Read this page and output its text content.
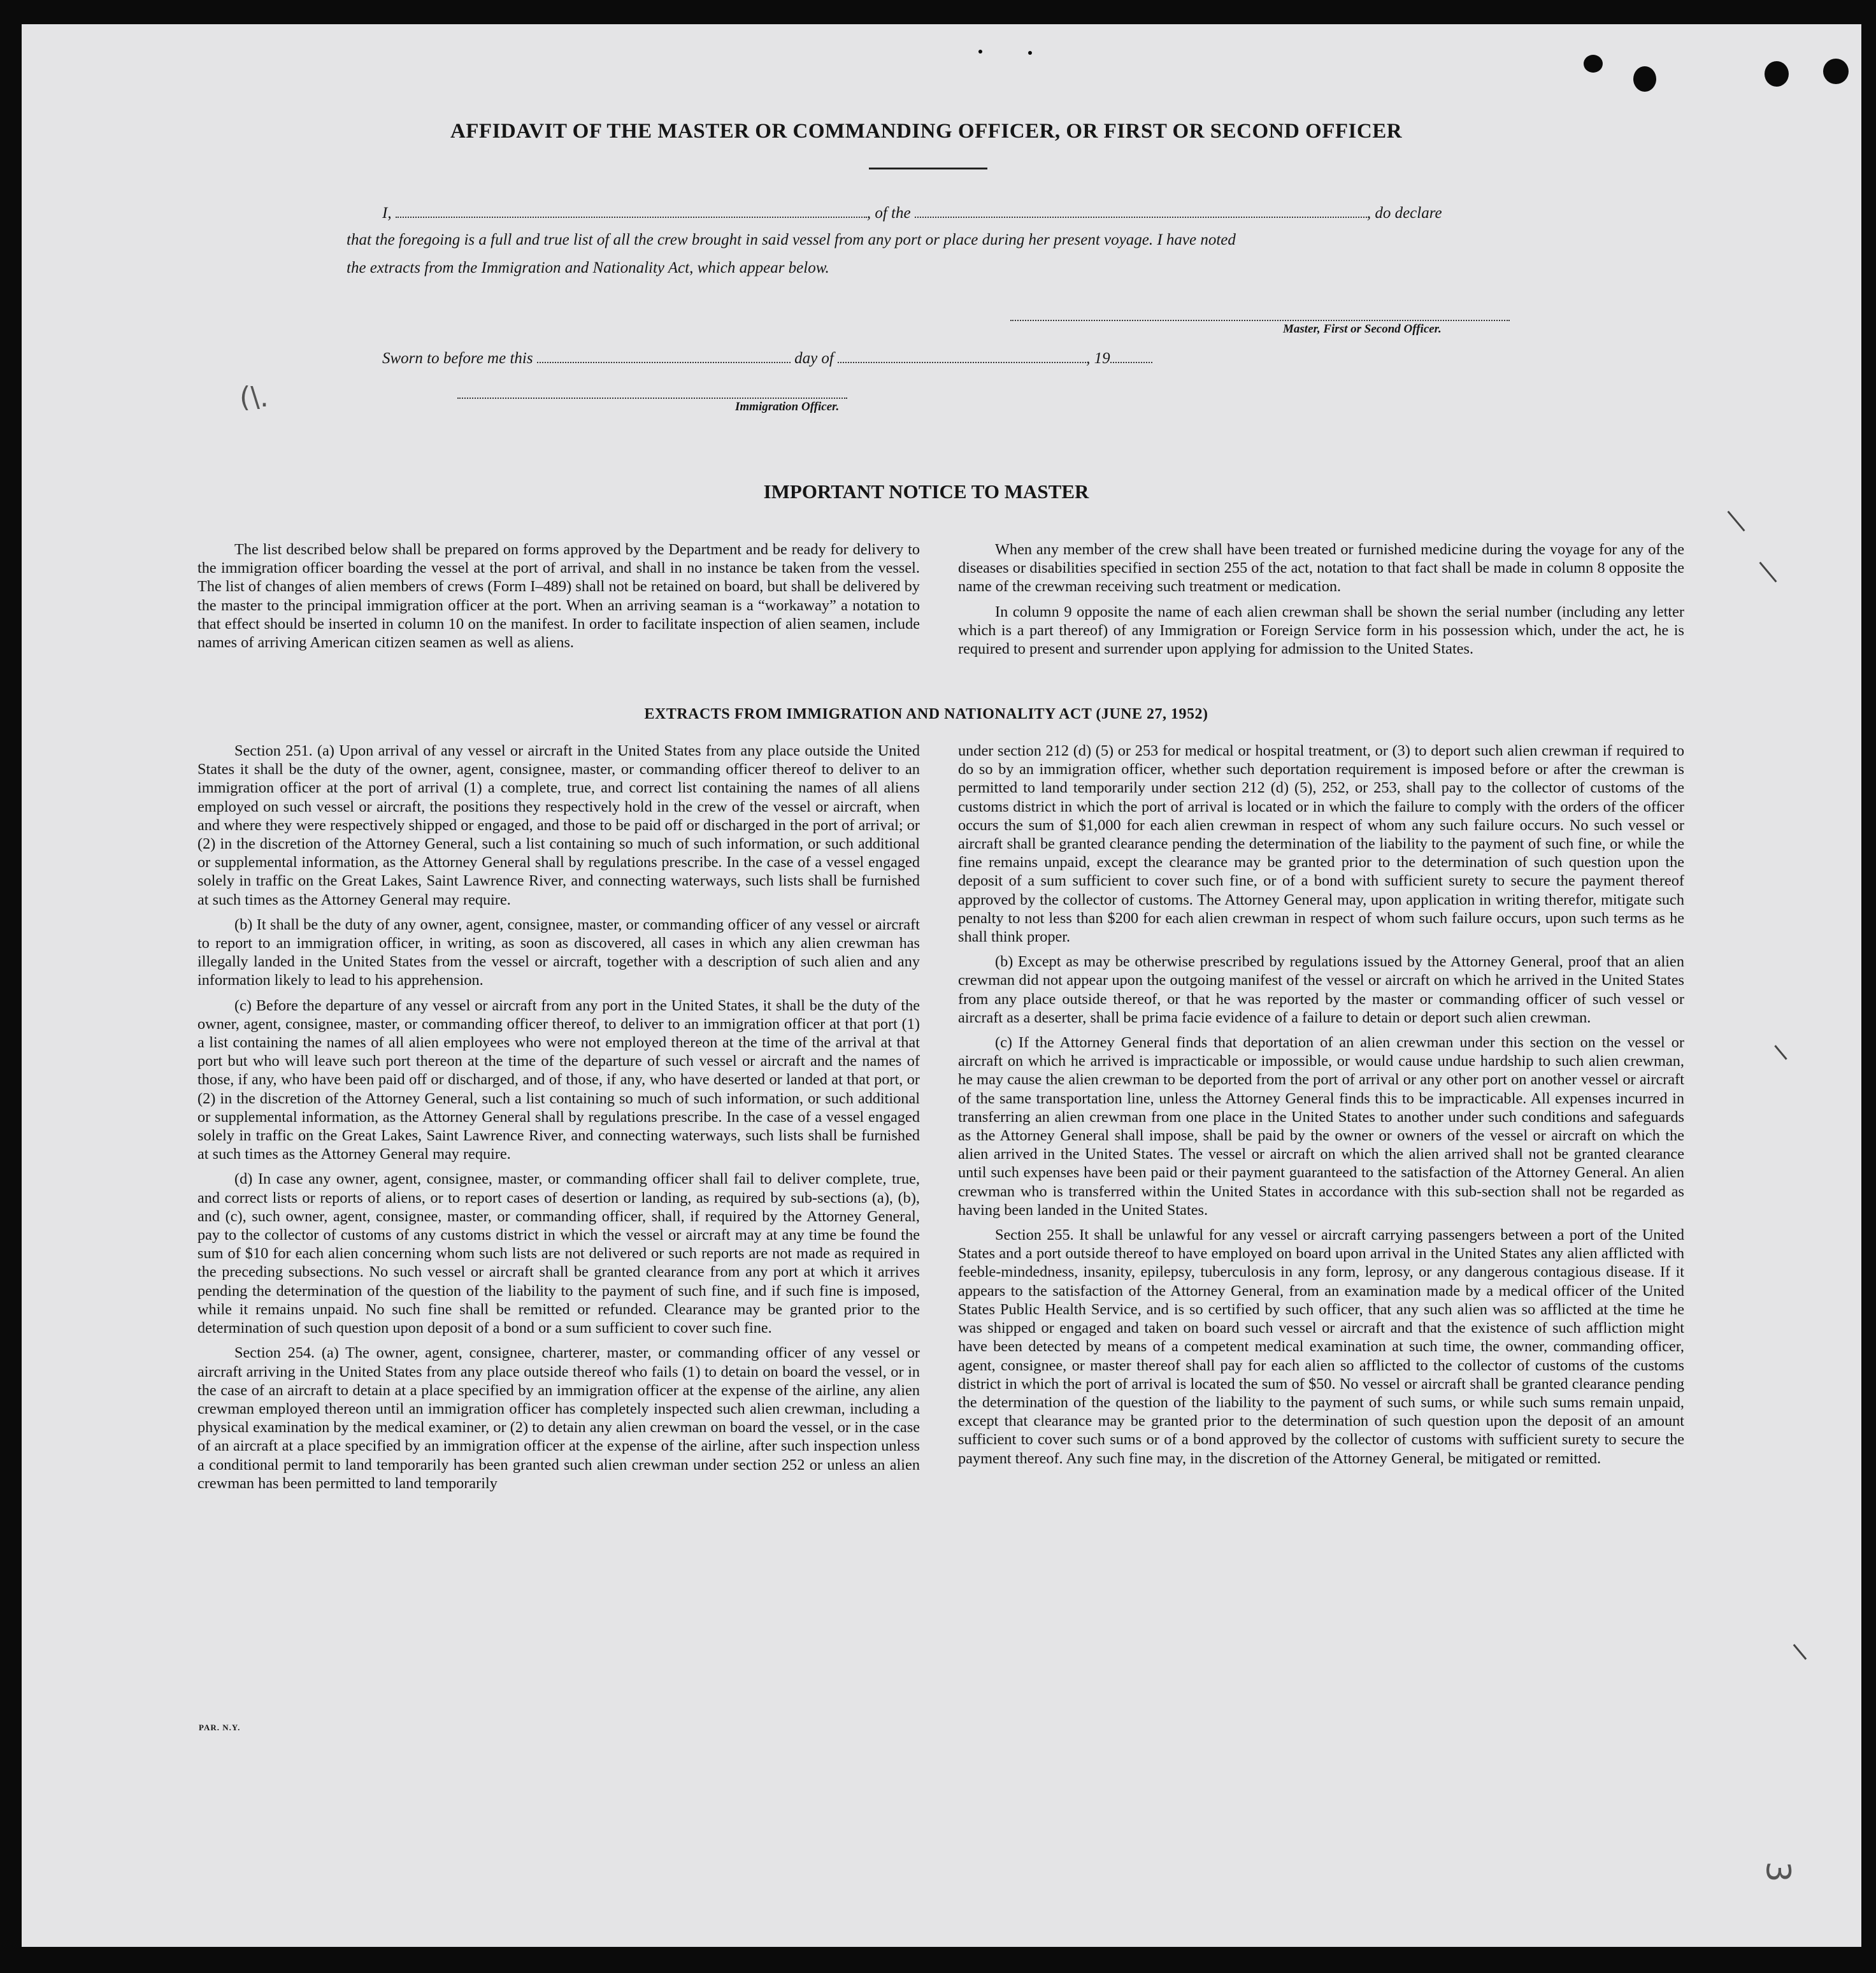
AFFIDAVIT OF THE MASTER OR COMMANDING OFFICER, OR FIRST OR SECOND OFFICER
I,	, of the	, do declare
that the foregoing is a full and true list of all the crew brought in said vessel from any port or place during her present voyage. I have noted
the extracts from the Immigration and Nationality Act, which appear below.
Master, First or Second Officer.
Sworn to before me this	day of	, 19
Immigration Officer.
IMPORTANT NOTICE TO MASTER

The list described below shall be prepared on forms approved by the Department and be ready for delivery to the immigration officer boarding the vessel at the port of arrival, and shall in no instance be taken from the vessel. The list of changes of alien members of crews (Form I–489) shall not be retained on board, but shall be delivered by the master to the principal immigration officer at the port. When an arriving seaman is a “workaway” a notation to that effect should be inserted in column 10 on the manifest. In order to facilitate inspection of alien seamen, include names of arriving American citizen seamen as well as aliens.

When any member of the crew shall have been treated or furnished medicine during the voyage for any of the diseases or disabilities specified in section 255 of the act, notation to that fact shall be made in column 8 opposite the name of the crewman receiving such treatment or medication.

In column 9 opposite the name of each alien crewman shall be shown the serial number (including any letter which is a part thereof) of any Immigration or Foreign Service form in his possession which, under the act, he is required to present and surrender upon applying for admission to the United States.

EXTRACTS FROM IMMIGRATION AND NATIONALITY ACT (JUNE 27, 1952)

Section 251. (a) Upon arrival of any vessel or aircraft in the United States from any place outside the United States it shall be the duty of the owner, agent, consignee, master, or commanding officer thereof to deliver to an immigration officer at the port of arrival (1) a complete, true, and correct list containing the names of all aliens employed on such vessel or aircraft, the positions they respectively hold in the crew of the vessel or aircraft, when and where they were respectively shipped or engaged, and those to be paid off or discharged in the port of arrival; or (2) in the discretion of the Attorney General, such a list containing so much of such information, or such additional or supplemental information, as the Attorney General shall by regulations prescribe. In the case of a vessel engaged solely in traffic on the Great Lakes, Saint Lawrence River, and connecting waterways, such lists shall be furnished at such times as the Attorney General may require.

(b) It shall be the duty of any owner, agent, consignee, master, or commanding officer of any vessel or aircraft to report to an immigration officer, in writing, as soon as discovered, all cases in which any alien crewman has illegally landed in the United States from the vessel or aircraft, together with a description of such alien and any information likely to lead to his apprehension.

(c) Before the departure of any vessel or aircraft from any port in the United States, it shall be the duty of the owner, agent, consignee, master, or commanding officer thereof, to deliver to an immigration officer at that port (1) a list containing the names of all alien employees who were not employed thereon at the time of the arrival at that port but who will leave such port thereon at the time of the departure of such vessel or aircraft and the names of those, if any, who have been paid off or discharged, and of those, if any, who have deserted or landed at that port, or (2) in the discretion of the Attorney General, such a list containing so much of such information, or such additional or supplemental information, as the Attorney General shall by regulations prescribe. In the case of a vessel engaged solely in traffic on the Great Lakes, Saint Lawrence River, and connecting waterways, such lists shall be furnished at such times as the Attorney General may require.

(d) In case any owner, agent, consignee, master, or commanding officer shall fail to deliver complete, true, and correct lists or reports of aliens, or to report cases of desertion or landing, as required by sub-sections (a), (b), and (c), such owner, agent, consignee, master, or commanding officer, shall, if required by the Attorney General, pay to the collector of customs of any customs district in which the vessel or aircraft may at any time be found the sum of $10 for each alien concerning whom such lists are not delivered or such reports are not made as required in the preceding subsections. No such vessel or aircraft shall be granted clearance from any port at which it arrives pending the determination of the question of the liability to the payment of such fine, and if such fine is imposed, while it remains unpaid. No such fine shall be remitted or refunded. Clearance may be granted prior to the determination of such question upon deposit of a bond or a sum sufficient to cover such fine.

Section 254. (a) The owner, agent, consignee, charterer, master, or commanding officer of any vessel or aircraft arriving in the United States from any place outside thereof who fails (1) to detain on board the vessel, or in the case of an aircraft to detain at a place specified by an immigration officer at the expense of the airline, any alien crewman employed thereon until an immigration officer has completely inspected such alien crewman, including a physical examination by the medical examiner, or (2) to detain any alien crewman on board the vessel, or in the case of an aircraft at a place specified by an immigration officer at the expense of the airline, after such inspection unless a conditional permit to land temporarily has been granted such alien crewman under section 252 or unless an alien crewman has been permitted to land temporarily

under section 212 (d) (5) or 253 for medical or hospital treatment, or (3) to deport such alien crewman if required to do so by an immigration officer, whether such deportation requirement is imposed before or after the crewman is permitted to land temporarily under section 212 (d) (5), 252, or 253, shall pay to the collector of customs of the customs district in which the port of arrival is located or in which the failure to comply with the orders of the officer occurs the sum of $1,000 for each alien crewman in respect of whom any such failure occurs. No such vessel or aircraft shall be granted clearance pending the determination of the liability to the payment of such fine, or while the fine remains unpaid, except the clearance may be granted prior to the determination of such question upon the deposit of a sum sufficient to cover such fine, or of a bond with sufficient surety to secure the payment thereof approved by the collector of customs. The Attorney General may, upon application in writing therefor, mitigate such penalty to not less than $200 for each alien crewman in respect of whom such failure occurs, upon such terms as he shall think proper.

(b) Except as may be otherwise prescribed by regulations issued by the Attorney General, proof that an alien crewman did not appear upon the outgoing manifest of the vessel or aircraft on which he arrived in the United States from any place outside thereof, or that he was reported by the master or commanding officer of such vessel or aircraft as a deserter, shall be prima facie evidence of a failure to detain or deport such alien crewman.

(c) If the Attorney General finds that deportation of an alien crewman under this section on the vessel or aircraft on which he arrived is impracticable or impossible, or would cause undue hardship to such alien crewman, he may cause the alien crewman to be deported from the port of arrival or any other port on another vessel or aircraft of the same transportation line, unless the Attorney General finds this to be impracticable. All expenses incurred in transferring an alien crewman from one place in the United States to another under such conditions and safeguards as the Attorney General shall impose, shall be paid by the owner or owners of the vessel or aircraft on which the alien arrived in the United States. The vessel or aircraft on which the alien arrived shall not be granted clearance until such expenses have been paid or their payment guaranteed to the satisfaction of the Attorney General. An alien crewman who is transferred within the United States in accordance with this sub-section shall not be regarded as having been landed in the United States.

Section 255. It shall be unlawful for any vessel or aircraft carrying passengers between a port of the United States and a port outside thereof to have employed on board upon arrival in the United States any alien afflicted with feeble-mindedness, insanity, epilepsy, tuberculosis in any form, leprosy, or any dangerous contagious disease. If it appears to the satisfaction of the Attorney General, from an examination made by a medical officer of the United States Public Health Service, and is so certified by such officer, that any such alien was so afflicted at the time he was shipped or engaged and taken on board such vessel or aircraft and that the existence of such affliction might have been detected by means of a competent medical examination at such time, the owner, commanding officer, agent, consignee, or master thereof shall pay for each alien so afflicted to the collector of customs of the customs district in which the port of arrival is located the sum of $50. No vessel or aircraft shall be granted clearance pending the determination of the question of the liability to the payment of such sums, or while such sums remain unpaid, except that clearance may be granted prior to the determination of such question upon the deposit of an amount sufficient to cover such sums or of a bond approved by the collector of customs with sufficient surety to secure the payment thereof. Any such fine may, in the discretion of the Attorney General, be mitigated or remitted.

PAR. N.Y.
(\.
3
